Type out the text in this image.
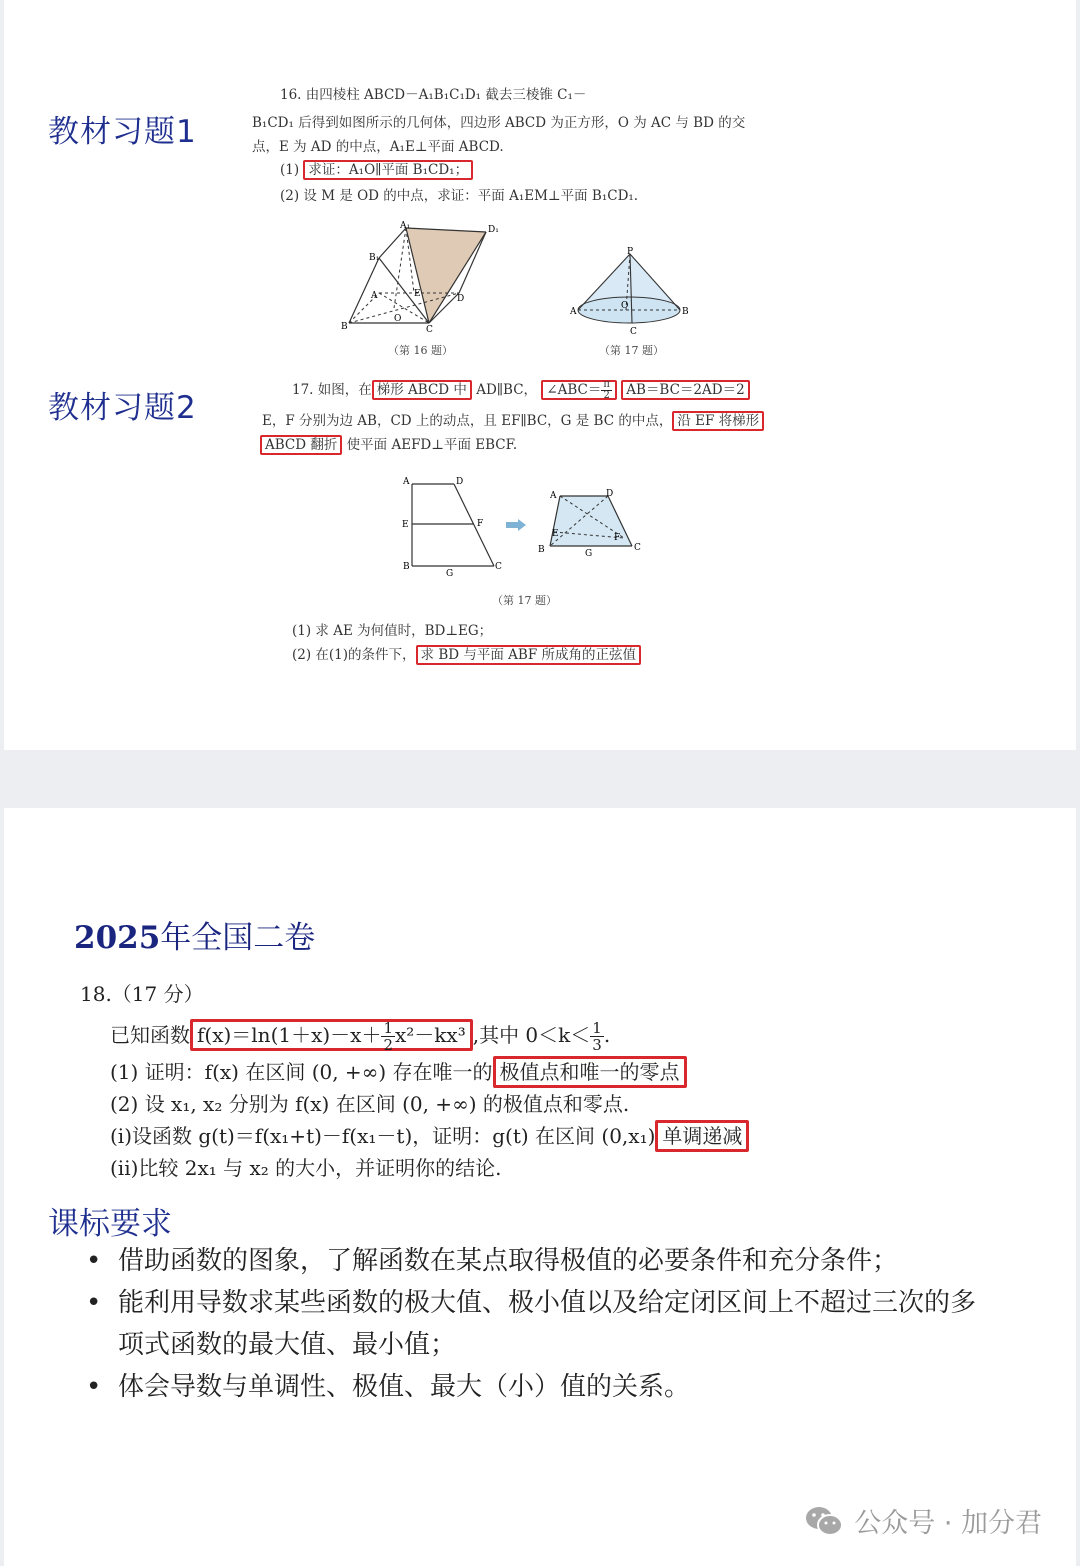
教材习题1
教材习题2
16. 由四棱柱 ABCD－A₁B₁C₁D₁ 截去三棱锥 C₁－
B₁CD₁ 后得到如图所示的几何体，四边形 ABCD 为正方形，O 为 AC 与 BD 的交
点，E 为 AD 的中点，A₁E⊥平面 ABCD.
(1) 求证：A₁O∥平面 B₁CD₁；
(2) 设 M 是 OD 的中点，求证：平面 A₁EM⊥平面 B₁CD₁.
A₁	D₁
B₁
A	E	D
B
O
C
（第 16 题）
P
A
O
B
C
（第 17 题）
17. 如图，在 梯形 ABCD 中 AD∥BC， ∠ABC＝ $\frac{\pi}{2} AB=BC=2AD=2$
E，F 分别为边 AB，CD 上的动点，且 EF∥BC，G 是 BC 的中点， 沿 EF 将梯形
ABCD 翻折 使平面 AEFD⊥平面 EBCF.
A	D
E	F
B
G
C
A	D
E	F
B	G
C
（第 17 题）
(1) 求 AE 为何值时，BD⊥EG；
(2) 在(1)的条件下， 求 BD 与平面 ABF 所成角的正弦值
2025年全国二卷
18.（17 分）
已知函数 $f(x)=\ln(1+x)-x+ \frac{1}{2} x^2-kx^3$ ,其中 $0<k< \frac{1}{3}$ .
(1) 证明：f(x) 在区间 (0, +∞) 存在唯一的 极值点和唯一的零点
(2) 设 x₁, x₂ 分别为 f(x) 在区间 (0, +∞) 的极值点和零点.
(i)设函数 g(t)＝f(x₁+t)－f(x₁－t)，证明：g(t) 在区间 (0,x₁) 单调递减
(ii)比较 2x₁ 与 x₂ 的大小，并证明你的结论.
课标要求
• 借助函数的图象，了解函数在某点取得极值的必要条件和充分条件；
• 能利用导数求某些函数的极大值、极小值以及给定闭区间上不超过三次的多项式函数的最大值、最小值；
• 体会导数与单调性、极值、最大（小）值的关系。
公众号 · 加分君
